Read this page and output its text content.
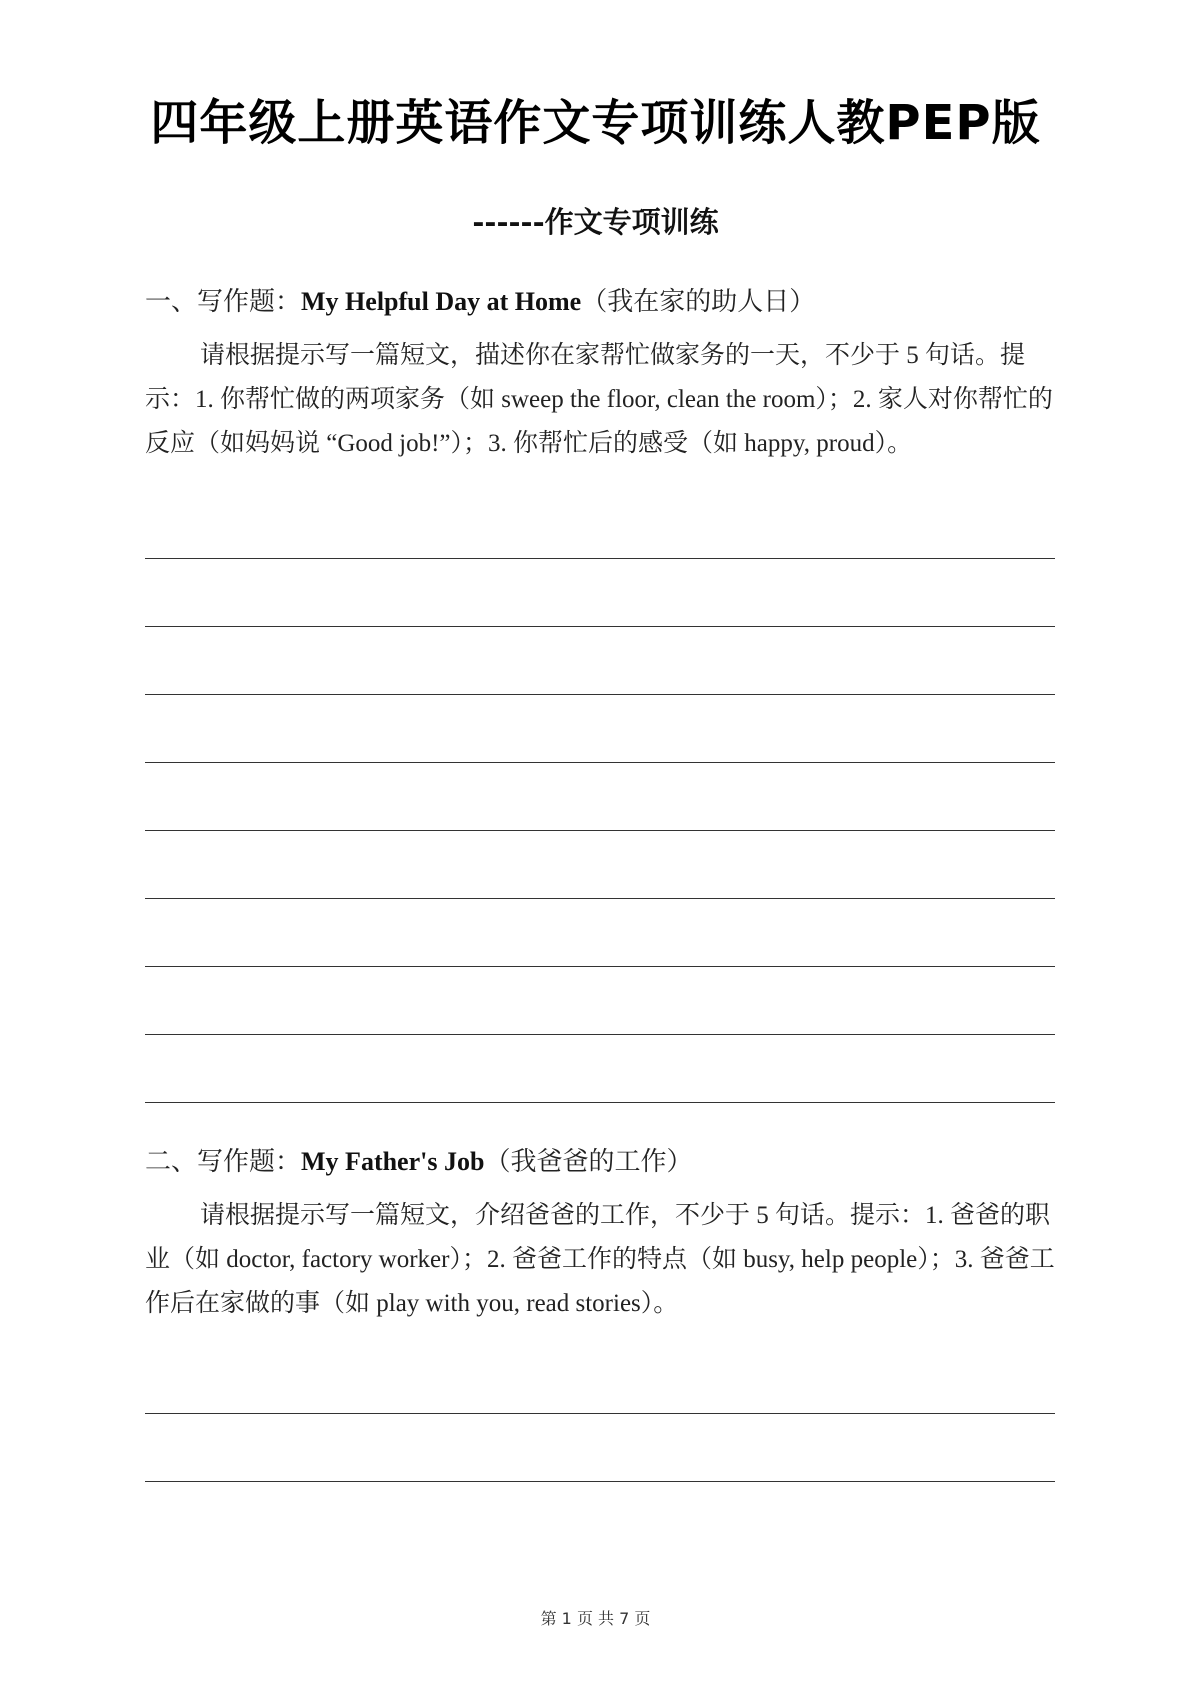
四年级上册英语作文专项训练人教PEP版
------作文专项训练
一、写作题：My Helpful Day at Home（我在家的助人日）
请根据提示写一篇短文，描述你在家帮忙做家务的一天，不少于 5 句话。提示：1. 你帮忙做的两项家务（如 sweep the floor, clean the room）；2. 家人对你帮忙的反应（如妈妈说 “Good job!”）；3. 你帮忙后的感受（如 happy, proud）。
二、写作题：My Father's Job（我爸爸的工作）
请根据提示写一篇短文，介绍爸爸的工作，不少于 5 句话。提示：1. 爸爸的职业（如 doctor, factory worker）；2. 爸爸工作的特点（如 busy, help people）；3. 爸爸工作后在家做的事（如 play with you, read stories）。
第 1 页 共 7 页
